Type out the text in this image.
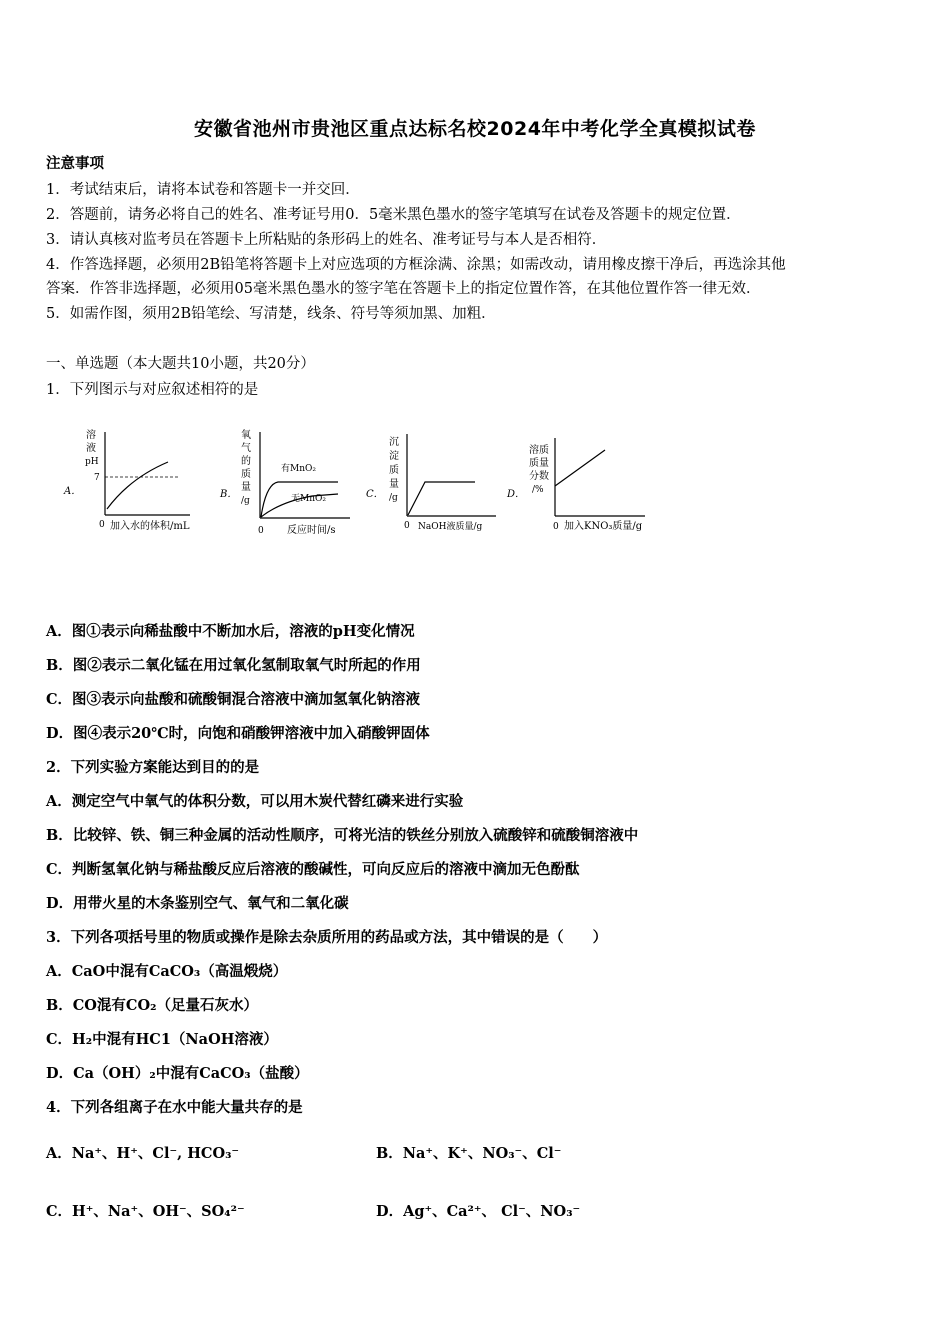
安徽省池州市贵池区重点达标名校2024年中考化学全真模拟试卷
注意事项
1．考试结束后，请将本试卷和答题卡一并交回．
2．答题前，请务必将自己的姓名、准考证号用0．5毫米黑色墨水的签字笔填写在试卷及答题卡的规定位置．
3．请认真核对监考员在答题卡上所粘贴的条形码上的姓名、准考证号与本人是否相符．
4．作答选择题，必须用2B铅笔将答题卡上对应选项的方框涂满、涂黑；如需改动，请用橡皮擦干净后，再选涂其他
答案．作答非选择题，必须用05毫米黑色墨水的签字笔在答题卡上的指定位置作答，在其他位置作答一律无效．
5．如需作图，须用2B铅笔绘、写清楚，线条、符号等须加黑、加粗．
一、单选题（本大题共10小题，共20分）
1．下列图示与对应叙述相符的是
A．
溶
液
pH
7
0 加入水的体积/mL
B．
氧
气
的
质
量
/g
有MnO₂
无MnO₂
0 反应时间/s
C．
沉
淀
质
量
/g
0 NaOH液质量/g
D．
溶质
质量
分数
/%
0 加入KNO₃质量/g
A．图①表示向稀盐酸中不断加水后，溶液的pH变化情况
B．图②表示二氧化锰在用过氧化氢制取氧气时所起的作用
C．图③表示向盐酸和硫酸铜混合溶液中滴加氢氧化钠溶液
D．图④表示20℃时，向饱和硝酸钾溶液中加入硝酸钾固体
2．下列实验方案能达到目的的是
A．测定空气中氧气的体积分数，可以用木炭代替红磷来进行实验
B．比较锌、铁、铜三种金属的活动性顺序，可将光洁的铁丝分别放入硫酸锌和硫酸铜溶液中
C．判断氢氧化钠与稀盐酸反应后溶液的酸碱性，可向反应后的溶液中滴加无色酚酞
D．用带火星的木条鉴别空气、氧气和二氧化碳
3．下列各项括号里的物质或操作是除去杂质所用的药品或方法，其中错误的是（　　）
A．CaO中混有CaCO₃（高温煅烧）
B．CO混有CO₂（足量石灰水）
C．H₂中混有HC1（NaOH溶液）
D．Ca（OH）₂中混有CaCO₃（盐酸）
4．下列各组离子在水中能大量共存的是
A．Na⁺、H⁺、Cl⁻, HCO₃⁻	B．Na⁺、K⁺、NO₃⁻、Cl⁻
C．H⁺、Na⁺、OH⁻、SO₄²⁻	D．Ag⁺、Ca²⁺、 Cl⁻、NO₃⁻
